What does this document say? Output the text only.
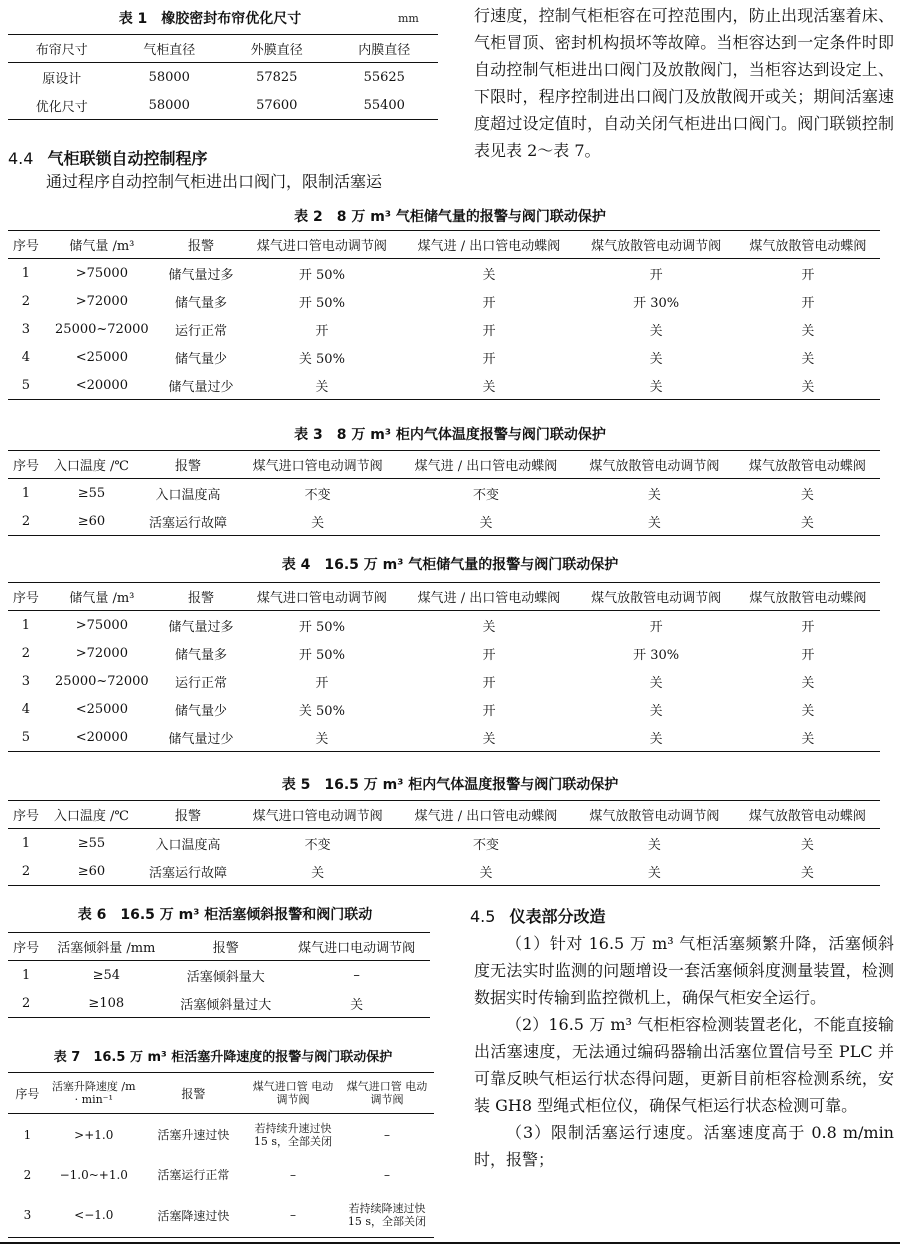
表 1　橡胶密封布帘优化尺寸	mm
布帘尺寸	气柜直径	外膜直径	内膜直径
原设计	58000	57825	55625
优化尺寸	58000	57600	55400
4.4 气柜联锁自动控制程序
通过程序自动控制气柜进出口阀门，限制活塞运
行速度，控制气柜柜容在可控范围内，防止出现活塞着床、气柜冒顶、密封机构损坏等故障。当柜容达到一定条件时即自动控制气柜进出口阀门及放散阀门，当柜容达到设定上、下限时，程序控制进出口阀门及放散阀开或关；期间活塞速度超过设定值时，自动关闭气柜进出口阀门。阀门联锁控制表见表 2～表 7。
表 2　8 万 m³ 气柜储气量的报警与阀门联动保护
序号	储气量 /m³	报警	煤气进口管电动调节阀	煤气进 / 出口管电动蝶阀	煤气放散管电动调节阀	煤气放散管电动蝶阀
1	>75000	储气量过多	开 50%	关	开	开
2	>72000	储气量多	开 50%	开	开 30%	开
3	25000~72000	运行正常	开	开	关	关
4	<25000	储气量少	关 50%	开	关	关
5	<20000	储气量过少	关	关	关	关
表 3　8 万 m³ 柜内气体温度报警与阀门联动保护
序号	入口温度 /℃	报警	煤气进口管电动调节阀	煤气进 / 出口管电动蝶阀	煤气放散管电动调节阀	煤气放散管电动蝶阀
1	≥55	入口温度高	不变	不变	关	关
2	≥60	活塞运行故障	关	关	关	关
表 4　16.5 万 m³ 气柜储气量的报警与阀门联动保护
序号	储气量 /m³	报警	煤气进口管电动调节阀	煤气进 / 出口管电动蝶阀	煤气放散管电动调节阀	煤气放散管电动蝶阀
1	>75000	储气量过多	开 50%	关	开	开
2	>72000	储气量多	开 50%	开	开 30%	开
3	25000~72000	运行正常	开	开	关	关
4	<25000	储气量少	关 50%	开	关	关
5	<20000	储气量过少	关	关	关	关
表 5　16.5 万 m³ 柜内气体温度报警与阀门联动保护
序号	入口温度 /℃	报警	煤气进口管电动调节阀	煤气进 / 出口管电动蝶阀	煤气放散管电动调节阀	煤气放散管电动蝶阀
1	≥55	入口温度高	不变	不变	关	关
2	≥60	活塞运行故障	关	关	关	关
表 6　16.5 万 m³ 柜活塞倾斜报警和阀门联动
序号	活塞倾斜量 /mm	报警	煤气进口电动调节阀
1	≥54	活塞倾斜量大	–
2	≥108	活塞倾斜量过大	关
表 7　16.5 万 m³ 柜活塞升降速度的报警与阀门联动保护
序号	活塞升降速度 /m · min⁻¹	报警	煤气进口管 电动调节阀	煤气进口管 电动调节阀
1	>+1.0	活塞升速过快	若持续升速过快 15 s，全部关闭	–
2	−1.0~+1.0	活塞运行正常	–	–
3	<−1.0	活塞降速过快	–	若持续降速过快 15 s，全部关闭
4.5 仪表部分改造

（1）针对 16.5 万 m³ 气柜活塞频繁升降，活塞倾斜度无法实时监测的问题增设一套活塞倾斜度测量装置，检测数据实时传输到监控微机上，确保气柜安全运行。

（2）16.5 万 m³ 气柜柜容检测装置老化，不能直接输出活塞速度，无法通过编码器输出活塞位置信号至 PLC 并可靠反映气柜运行状态得问题，更新目前柜容检测系统，安装 GH8 型绳式柜位仪，确保气柜运行状态检测可靠。

（3）限制活塞运行速度。活塞速度高于 0.8 m/min 时，报警；
